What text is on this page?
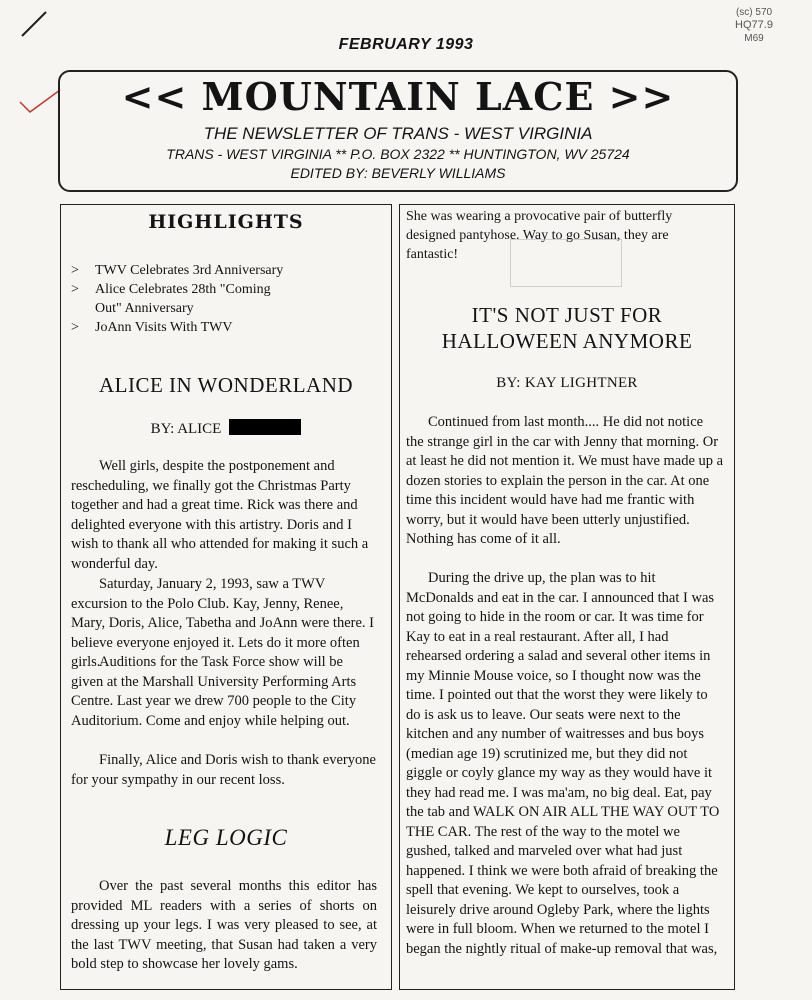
(sc) 570
HQ77.9
M69
FEBRUARY 1993
<< MOUNTAIN LACE >>
THE NEWSLETTER OF TRANS - WEST VIRGINIA
TRANS - WEST VIRGINIA ** P.O. BOX 2322 ** HUNTINGTON, WV 25724
EDITED BY: BEVERLY WILLIAMS
HIGHLIGHTS
>	TWV Celebrates 3rd Anniversary
>	Alice Celebrates 28th "Coming Out" Anniversary
>	JoAnn Visits With TWV
ALICE IN WONDERLAND
BY: ALICE
Well girls, despite the postponement and rescheduling, we finally got the Christmas Party together and had a great time. Rick was there and delighted everyone with this artistry. Doris and I wish to thank all who attended for making it such a wonderful day.
Saturday, January 2, 1993, saw a TWV excursion to the Polo Club. Kay, Jenny, Renee, Mary, Doris, Alice, Tabetha and JoAnn were there. I believe everyone enjoyed it. Lets do it more often girls.
Auditions for the Task Force show will be given at the Marshall University Performing Arts Centre. Last year we drew 700 people to the City Auditorium. Come and enjoy while helping out.
Finally, Alice and Doris wish to thank everyone for your sympathy in our recent loss.
LEG LOGIC
Over the past several months this editor has provided ML readers with a series of shorts on dressing up your legs. I was very pleased to see, at the last TWV meeting, that Susan had taken a very bold step to showcase her lovely gams.
She was wearing a provocative pair of butterfly designed pantyhose. Way to go Susan, they are fantastic!
IT'S NOT JUST FOR
HALLOWEEN ANYMORE
BY: KAY LIGHTNER
Continued from last month.... He did not notice the strange girl in the car with Jenny that morning. Or at least he did not mention it. We must have made up a dozen stories to explain the person in the car. At one time this incident would have had me frantic with worry, but it would have been utterly unjustified. Nothing has come of it all.
During the drive up, the plan was to hit McDonalds and eat in the car. I announced that I was not going to hide in the room or car. It was time for Kay to eat in a real restaurant. After all, I had rehearsed ordering a salad and several other items in my Minnie Mouse voice, so I thought now was the time. I pointed out that the worst they were likely to do is ask us to leave. Our seats were next to the kitchen and any number of waitresses and bus boys (median age 19) scrutinized me, but they did not giggle or coyly glance my way as they would have it they had read me. I was ma'am, no big deal. Eat, pay the tab and WALK ON AIR ALL THE WAY OUT TO THE CAR. The rest of the way to the motel we gushed, talked and marveled over what had just happened. I think we were both afraid of breaking the spell that evening. We kept to ourselves, took a leisurely drive around Ogleby Park, where the lights were in full bloom. When we returned to the motel I began the nightly ritual of make-up removal that was,
